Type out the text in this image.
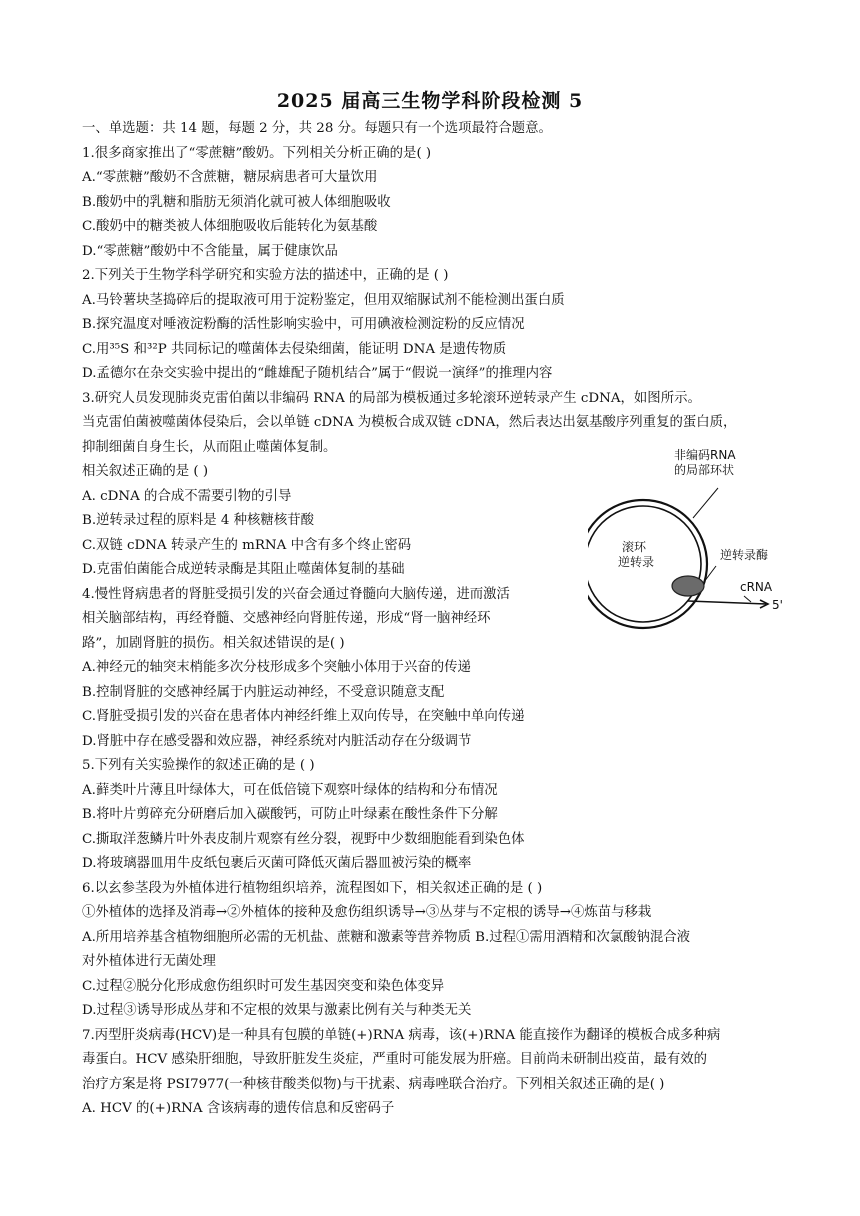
2025 届高三生物学科阶段检测 5
一、单选题：共 14 题，每题 2 分，共 28 分。每题只有一个选项最符合题意。
1.很多商家推出了“零蔗糖”酸奶。下列相关分析正确的是( )
A.“零蔗糖”酸奶不含蔗糖，糖尿病患者可大量饮用
B.酸奶中的乳糖和脂肪无须消化就可被人体细胞吸收
C.酸奶中的糖类被人体细胞吸收后能转化为氨基酸
D.“零蔗糖”酸奶中不含能量，属于健康饮品
2.下列关于生物学科学研究和实验方法的描述中，正确的是 ( )
A.马铃薯块茎捣碎后的提取液可用于淀粉鉴定，但用双缩脲试剂不能检测出蛋白质
B.探究温度对唾液淀粉酶的活性影响实验中，可用碘液检测淀粉的反应情况
C.用³⁵S 和³²P 共同标记的噬菌体去侵染细菌，能证明 DNA 是遗传物质
D.孟德尔在杂交实验中提出的“雌雄配子随机结合”属于“假说一演绎”的推理内容
3.研究人员发现肺炎克雷伯菌以非编码 RNA 的局部为模板通过多轮滚环逆转录产生 cDNA，如图所示。
当克雷伯菌被噬菌体侵染后，会以单链 cDNA 为模板合成双链 cDNA，然后表达出氨基酸序列重复的蛋白质，
抑制细菌自身生长，从而阻止噬菌体复制。
相关叙述正确的是 ( )
A. cDNA 的合成不需要引物的引导
B.逆转录过程的原料是 4 种核糖核苷酸
C.双链 cDNA 转录产生的 mRNA 中含有多个终止密码
D.克雷伯菌能合成逆转录酶是其阻止噬菌体复制的基础
4.慢性肾病患者的肾脏受损引发的兴奋会通过脊髓向大脑传递，进而激活
相关脑部结构，再经脊髓、交感神经向肾脏传递，形成“肾一脑神经环
路”，加剧肾脏的损伤。相关叙述错误的是( )
A.神经元的轴突末梢能多次分枝形成多个突触小体用于兴奋的传递
B.控制肾脏的交感神经属于内脏运动神经，不受意识随意支配
C.肾脏受损引发的兴奋在患者体内神经纤维上双向传导，在突触中单向传递
D.肾脏中存在感受器和效应器，神经系统对内脏活动存在分级调节
5.下列有关实验操作的叙述正确的是 ( )
A.藓类叶片薄且叶绿体大，可在低倍镜下观察叶绿体的结构和分布情况
B.将叶片剪碎充分研磨后加入碳酸钙，可防止叶绿素在酸性条件下分解
C.撕取洋葱鳞片叶外表皮制片观察有丝分裂，视野中少数细胞能看到染色体
D.将玻璃器皿用牛皮纸包裹后灭菌可降低灭菌后器皿被污染的概率
6.以玄参茎段为外植体进行植物组织培养，流程图如下，相关叙述正确的是 ( )
①外植体的选择及消毒→②外植体的接种及愈伤组织诱导→③丛芽与不定根的诱导→④炼苗与移栽
A.所用培养基含植物细胞所必需的无机盐、蔗糖和激素等营养物质 B.过程①需用酒精和次氯酸钠混合液
对外植体进行无菌处理
C.过程②脱分化形成愈伤组织时可发生基因突变和染色体变异
D.过程③诱导形成丛芽和不定根的效果与激素比例有关与种类无关
7.丙型肝炎病毒(HCV)是一种具有包膜的单链(+)RNA 病毒，该(+)RNA 能直接作为翻译的模板合成多种病
毒蛋白。HCV 感染肝细胞，导致肝脏发生炎症，严重时可能发展为肝癌。目前尚未研制出疫苗，最有效的
治疗方案是将 PSI7977(一种核苷酸类似物)与干扰素、病毒唑联合治疗。下列相关叙述正确的是( )
A. HCV 的(+)RNA 含该病毒的遗传信息和反密码子
非编码RNA
的局部环状
滚环
逆转录	逆转录酶
cRNA
5'
